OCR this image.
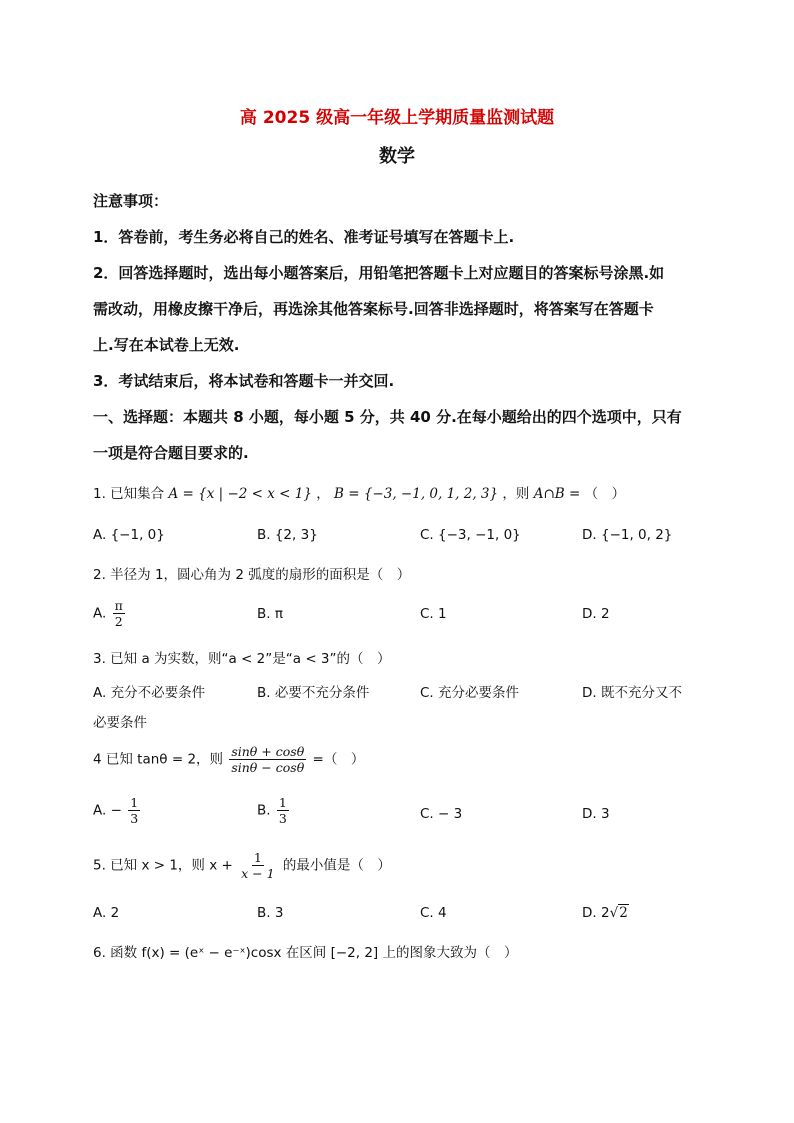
高 2025 级高一年级上学期质量监测试题
数学
注意事项：
1．答卷前，考生务必将自己的姓名、准考证号填写在答题卡上.
2．回答选择题时，选出每小题答案后，用铅笔把答题卡上对应题目的答案标号涂黑.如
需改动，用橡皮擦干净后，再选涂其他答案标号.回答非选择题时，将答案写在答题卡
上.写在本试卷上无效.
3．考试结束后，将本试卷和答题卡一并交回.
一、选择题：本题共 8 小题，每小题 5 分，共 40 分.在每小题给出的四个选项中，只有
一项是符合题目要求的.
1. 已知集合 A = {x | −2 < x < 1} ， B = {−3, −1, 0, 1, 2, 3} ，则 A∩B = （　）
A. {−1, 0}	B. {2, 3}	C. {−3, −1, 0}	D. {−1, 0, 2}
2. 半径为 1，圆心角为 2 弧度的扇形的面积是（　）
A. $\frac{\pi}{2}$	B. π	C. 1	D. 2
3. 已知 a 为实数，则“a < 2”是“a < 3”的（　）
A. 充分不必要条件	B. 必要不充分条件	C. 充分必要条件	D. 既不充分又不
必要条件
4 已知 tanθ = 2，则 $\frac{\sin\theta + \cos\theta}{\sin\theta - \cos\theta}$ =（　）
A. − $\frac{1}{3}$	B. $\frac{1}{3}$	C. − 3	D. 3
5. 已知 x > 1，则 $x + \frac{1}{x - 1}$ 的最小值是（　）
A. 2	B. 3	C. 4	D. 2√2
6. 函数 f(x) = (eˣ − e⁻ˣ)cosx 在区间 [−2, 2] 上的图象大致为（　）
